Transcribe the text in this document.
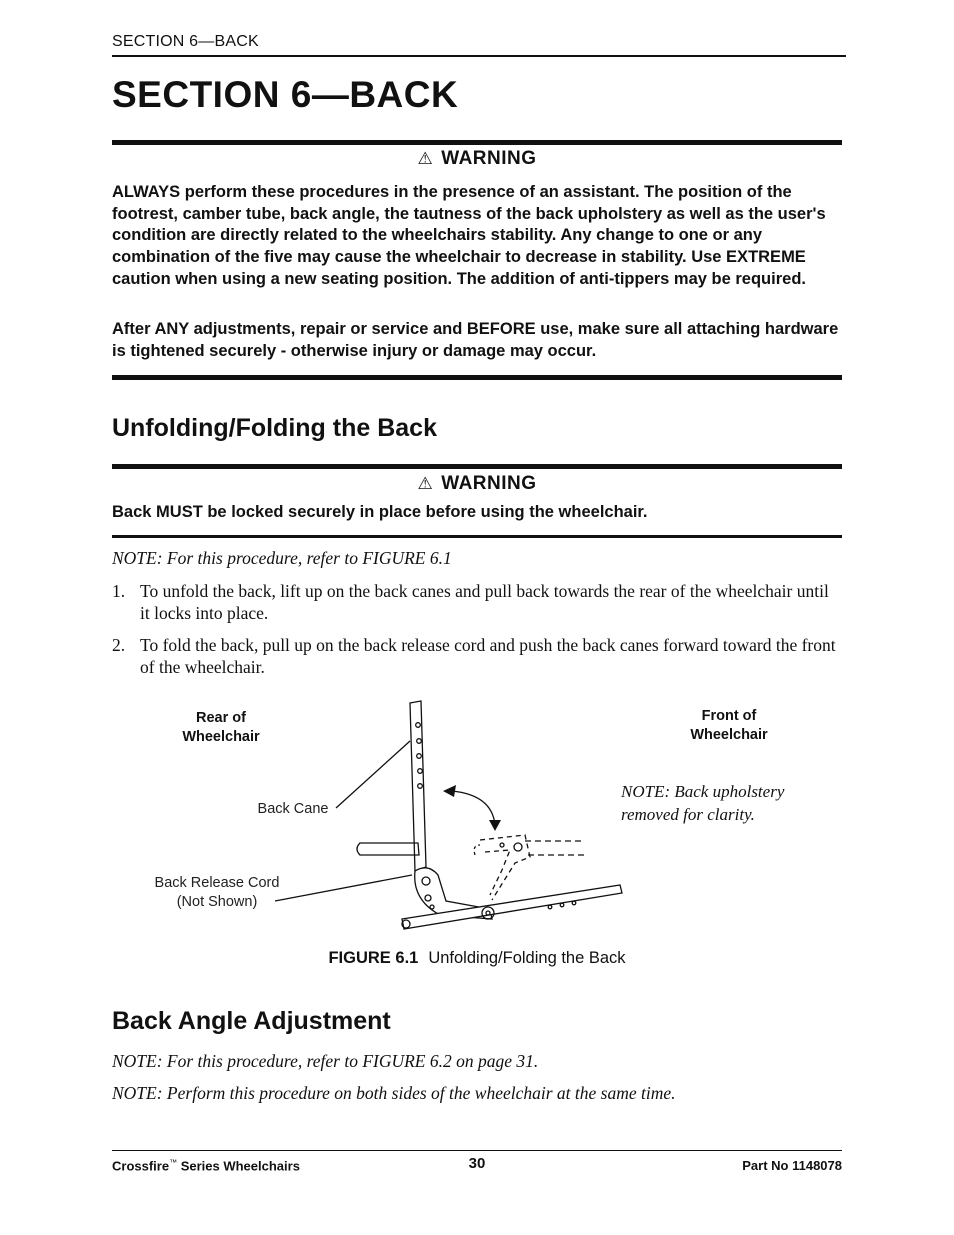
SECTION 6—BACK
SECTION 6—BACK
⚠ WARNING

ALWAYS perform these procedures in the presence of an assistant. The position of the footrest, camber tube, back angle, the tautness of the back upholstery as well as the user's condition are directly related to the wheelchairs stability. Any change to one or any combination of the five may cause the wheelchair to decrease in stability. Use EXTREME caution when using a new seating position. The addition of anti-tippers may be required.

After ANY adjustments, repair or service and BEFORE use, make sure all attaching hardware is tightened securely - otherwise injury or damage may occur.

Unfolding/Folding the Back
⚠ WARNING

Back MUST be locked securely in place before using the wheelchair.

NOTE: For this procedure, refer to FIGURE 6.1

1. To unfold the back, lift up on the back canes and pull back towards the rear of the wheelchair until it locks into place.
2. To fold the back, pull up on the back release cord and push the back canes forward toward the front of the wheelchair.
Rear of
Wheelchair
Front of
Wheelchair
Back Cane
Back Release Cord
(Not Shown)
NOTE: Back upholstery
removed for clarity.
FIGURE 6.1 Unfolding/Folding the Back
Back Angle Adjustment

NOTE: For this procedure, refer to FIGURE 6.2 on page 31.

NOTE: Perform this procedure on both sides of the wheelchair at the same time.

Crossfire™ Series Wheelchairs	30	Part No 1148078
